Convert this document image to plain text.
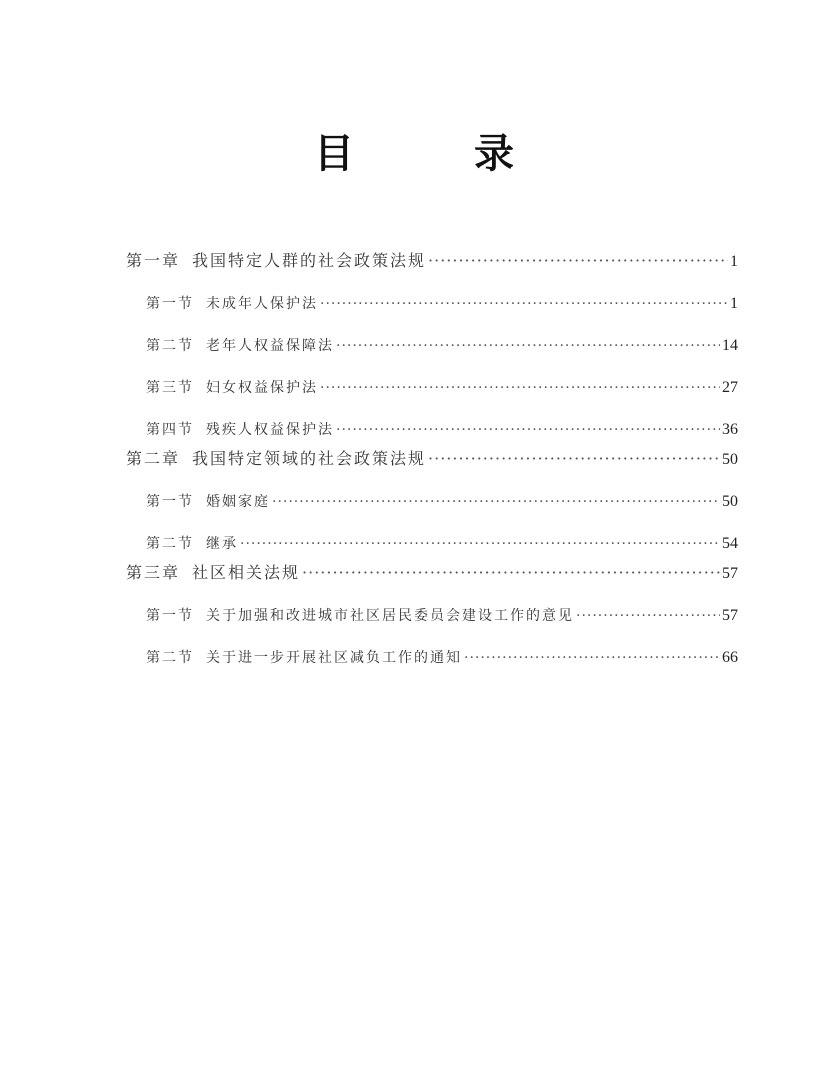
目　录
第一章 我国特定人群的社会政策法规 ·····	1
第一节 未成年人保护法 ·····	1
第二节 老年人权益保障法 ·····	14
第三节 妇女权益保护法 ·····	27
第四节 残疾人权益保护法 ·····	36
第二章 我国特定领域的社会政策法规 ·····	50
第一节 婚姻家庭 ·····	50
第二节 继承 ·····	54
第三章 社区相关法规 ·····	57
第一节 关于加强和改进城市社区居民委员会建设工作的意见 ·····	57
第二节 关于进一步开展社区减负工作的通知 ·····	66
